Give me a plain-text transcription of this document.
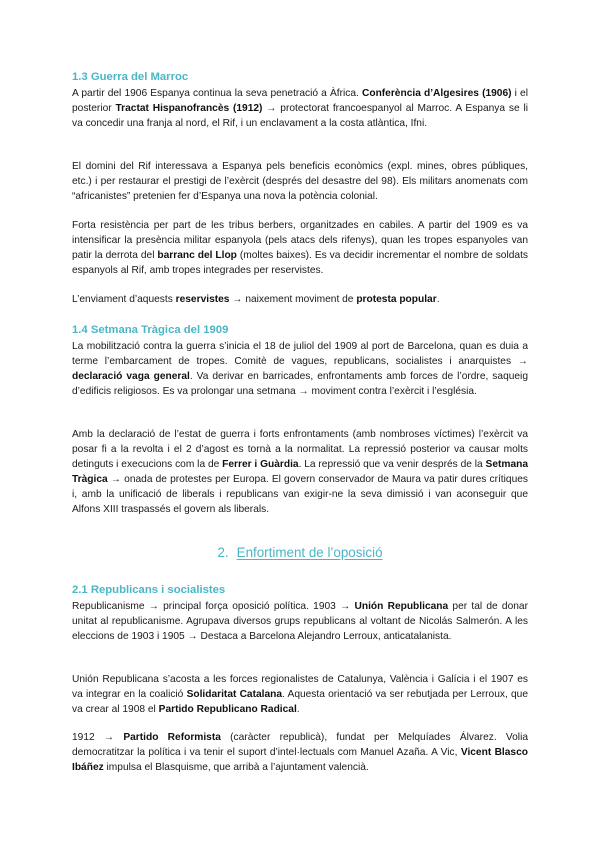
1.3 Guerra del Marroc

A partir del 1906 Espanya continua la seva penetració a Àfrica. Conferència d’Algesires (1906) i el posterior Tractat Hispanofrancès (1912) → protectorat francoespanyol al Marroc. A Espanya se li va concedir una franja al nord, el Rif, i un enclavament a la costa atlàntica, Ifni.

El domini del Rif interessava a Espanya pels beneficis econòmics (expl. mines, obres públiques, etc.) i per restaurar el prestigi de l’exèrcit (després del desastre del 98). Els militars anomenats com “africanistes” pretenien fer d’Espanya una nova la potència colonial.

Forta resistència per part de les tribus berbers, organitzades en cabiles. A partir del 1909 es va intensificar la presència militar espanyola (pels atacs dels rifenys), quan les tropes espanyoles van patir la derrota del barranc del Llop (moltes baixes). Es va decidir incrementar el nombre de soldats espanyols al Rif, amb tropes integrades per reservistes.

L’enviament d’aquests reservistes → naixement moviment de protesta popular.

1.4 Setmana Tràgica del 1909

La mobilització contra la guerra s’inicia el 18 de juliol del 1909 al port de Barcelona, quan es duia a terme l’embarcament de tropes. Comitè de vagues, republicans, socialistes i anarquistes → declaració vaga general. Va derivar en barricades, enfrontaments amb forces de l’ordre, saqueig d’edificis religiosos. Es va prolongar una setmana → moviment contra l’exèrcit i l’església.

Amb la declaració de l’estat de guerra i forts enfrontaments (amb nombroses víctimes) l’exèrcit va posar fi a la revolta i el 2 d’agost es tornà a la normalitat. La repressió posterior va causar molts detinguts i execucions com la de Ferrer i Guàrdia. La repressió que va venir després de la Setmana Tràgica → onada de protestes per Europa. El govern conservador de Maura va patir dures crítiques i, amb la unificació de liberals i republicans van exigir-ne la seva dimissió i van aconseguir que Alfons XIII traspassés el govern als liberals.

2. Enfortiment de l’oposició
2.1 Republicans i socialistes

Republicanisme → principal força oposició política. 1903 → Unión Republicana per tal de donar unitat al republicanisme. Agrupava diversos grups republicans al voltant de Nicolás Salmerón. A les eleccions de 1903 i 1905 → Destaca a Barcelona Alejandro Lerroux, anticatalanista.

Unión Republicana s’acosta a les forces regionalistes de Catalunya, València i Galícia i el 1907 es va integrar en la coalició Solidaritat Catalana. Aquesta orientació va ser rebutjada per Lerroux, que va crear al 1908 el Partido Republicano Radical.

1912 → Partido Reformista (caràcter republicà), fundat per Melquíades Álvarez. Volia democratitzar la política i va tenir el suport d’intel·lectuals com Manuel Azaña. A Vic, Vicent Blasco Ibáñez impulsa el Blasquisme, que arribà a l’ajuntament valencià.
